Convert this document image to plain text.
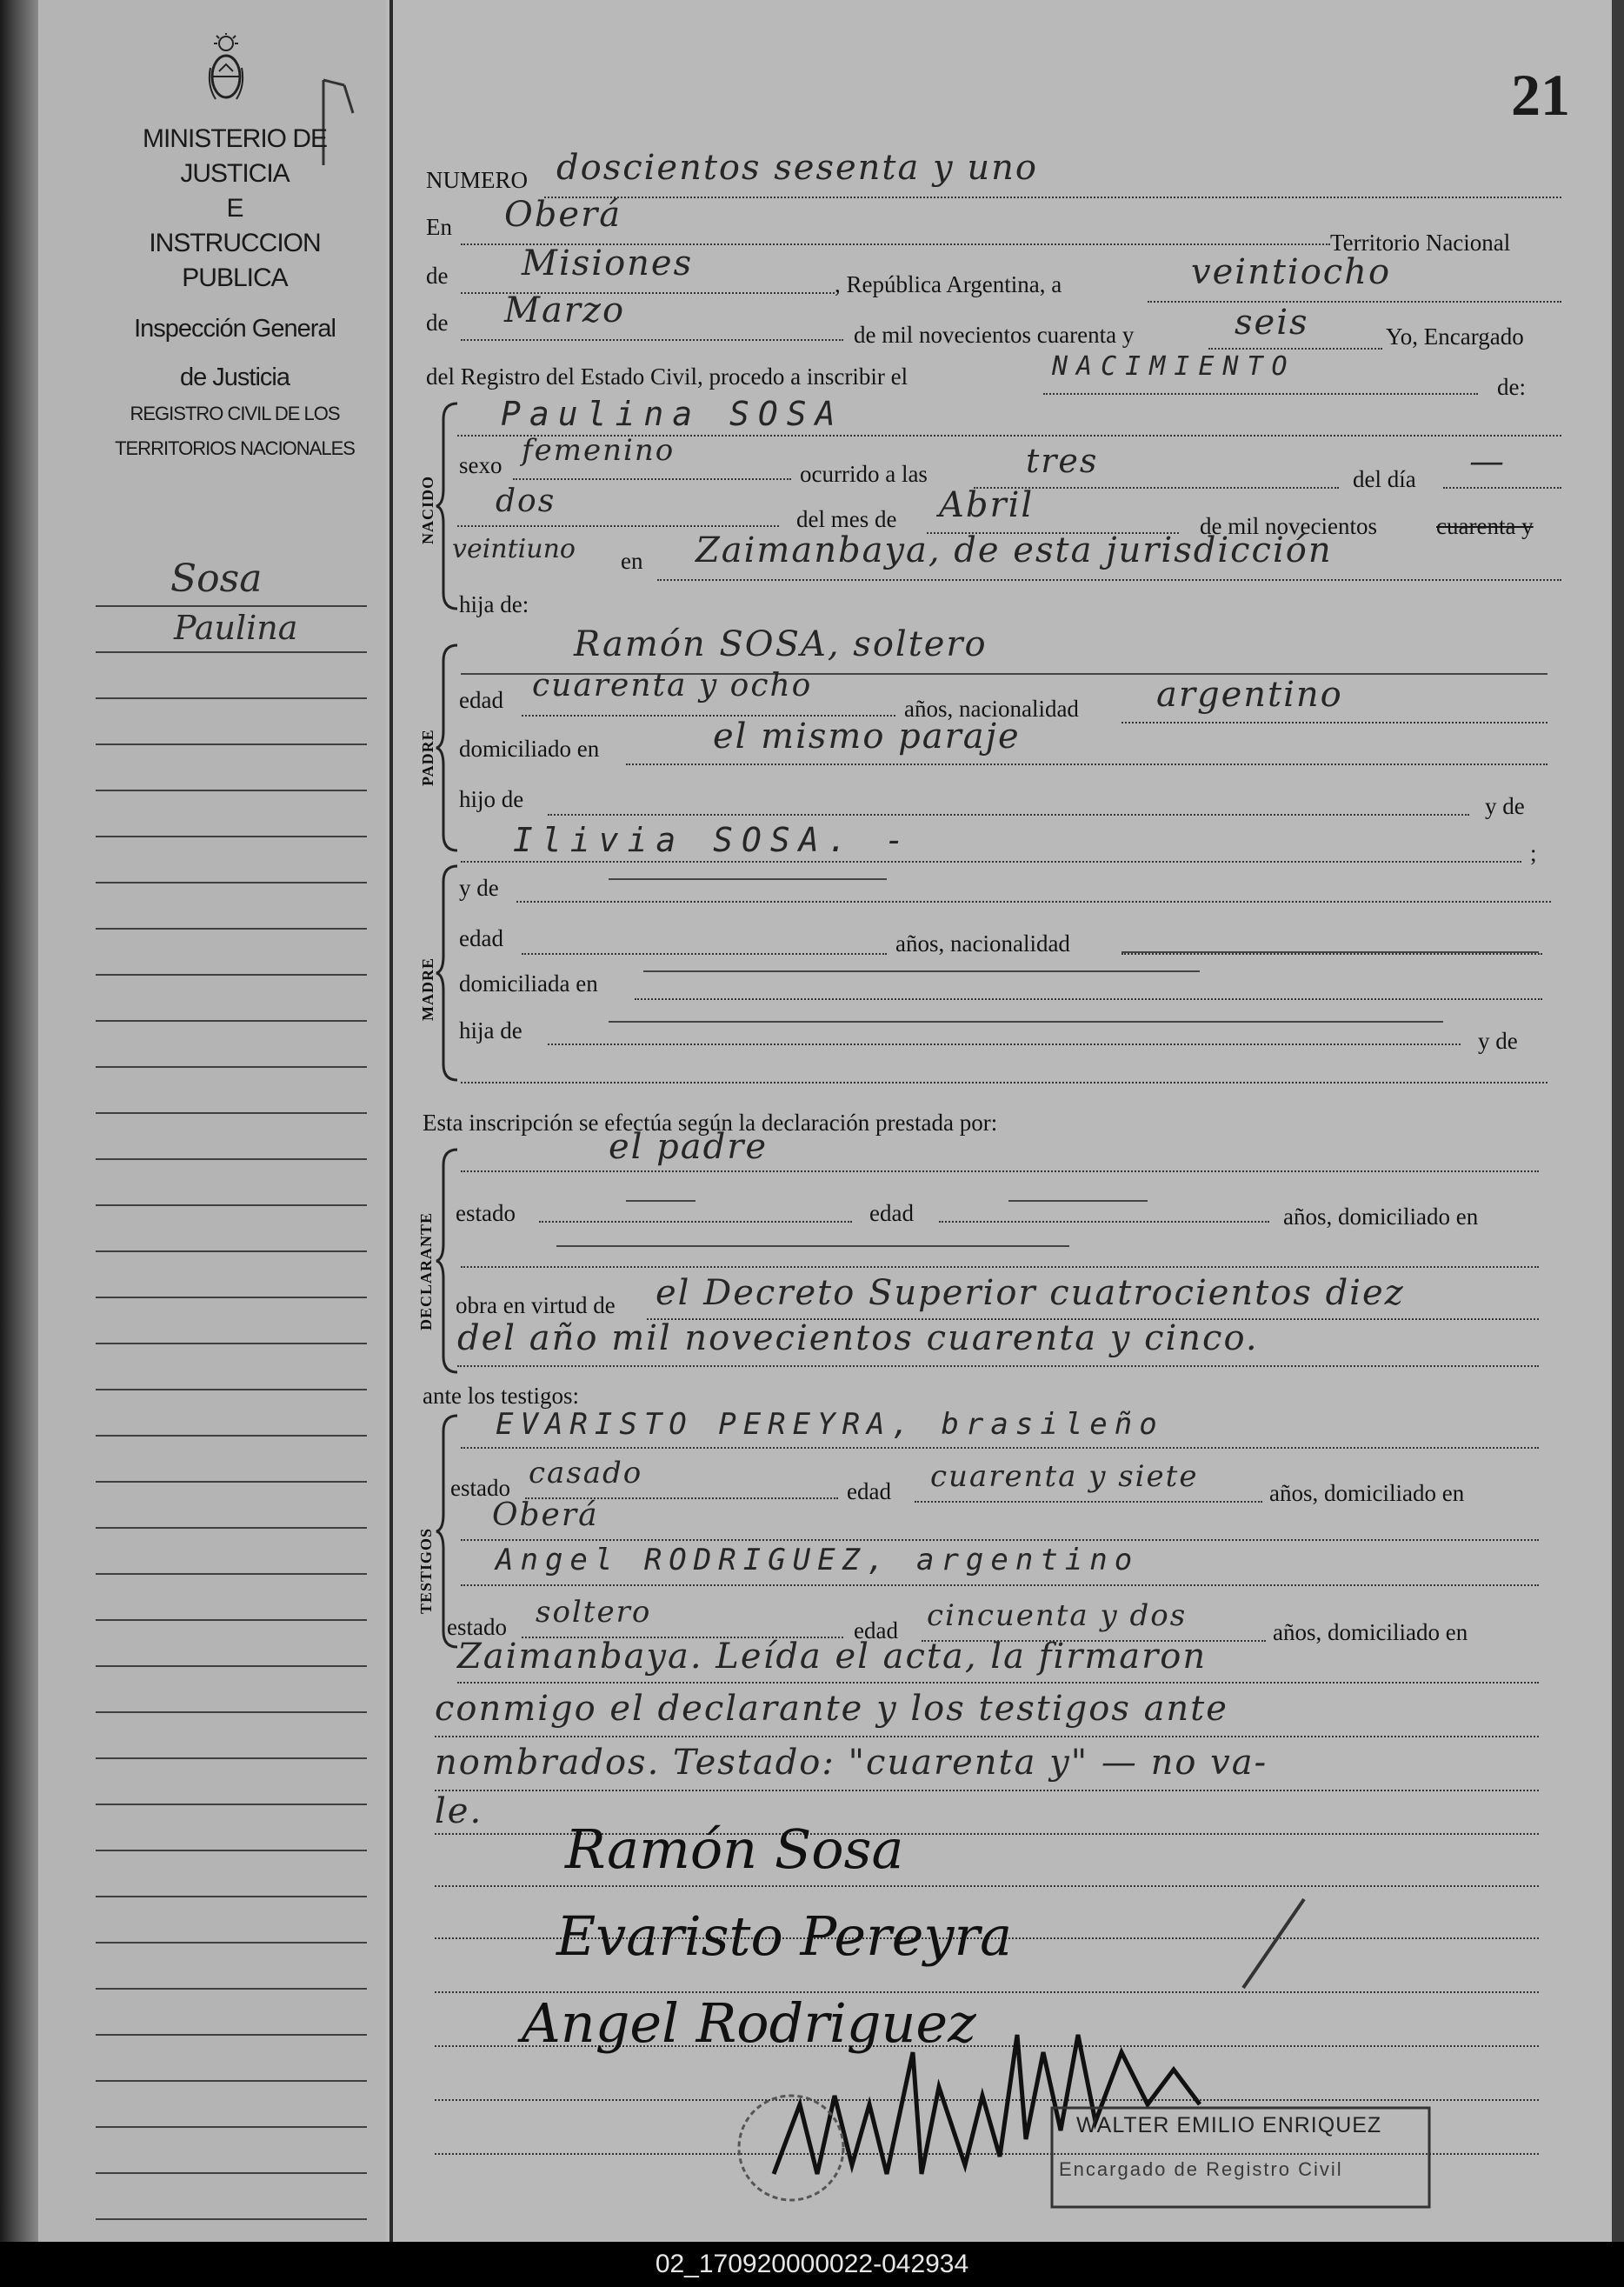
MINISTERIO DE JUSTICIA
E
INSTRUCCION PUBLICA
Inspección General
de Justicia
REGISTRO CIVIL DE LOS
TERRITORIOS NACIONALES
Sosa
Paulina
21
NUMERO doscientos sesenta y uno
En Oberá
Territorio Nacional
de Misiones
, República Argentina, a	veintiocho
de Marzo
de mil novecientos cuarenta y	seis	Yo, Encargado
del Registro del Estado Civil, procedo a inscribir el	NACIMIENTO
de:
NACIDO
Paulina SOSA
sexo femenino
ocurrido a las	tres	del día —
dos	del mes de Abril
de mil novecientos	cuarenta y
veintiuno en Zaimanbaya, de esta jurisdicción
hija de:
PADRE
Ramón SOSA, soltero
edad cuarenta y ocho
años, nacionalidad argentino
domiciliado en	el mismo paraje
hijo de	y de
Ilivia SOSA. -	;
MADRE
y de
edad	años, nacionalidad
domiciliada en
hija de	y de
Esta inscripción se efectúa según la declaración prestada por:
DECLARANTE
el padre
estado	edad	años, domiciliado en
obra en virtud de el Decreto Superior cuatrocientos diez
del año mil novecientos cuarenta y cinco.
ante los testigos:
TESTIGOS
EVARISTO PEREYRA, brasileño
estado casado
edad cuarenta y siete	años, domiciliado en
Oberá
Angel RODRIGUEZ, argentino
estado soltero
edad cincuenta y dos	años, domiciliado en
Zaimanbaya. Leída el acta, la firmaron
conmigo el declarante y los testigos ante
nombrados. Testado: "cuarenta y" — no va-
le.
Ramón Sosa
Evaristo Pereyra
Angel Rodriguez
WALTER EMILIO ENRIQUEZ
Encargado de Registro Civil
02_170920000022-042934
